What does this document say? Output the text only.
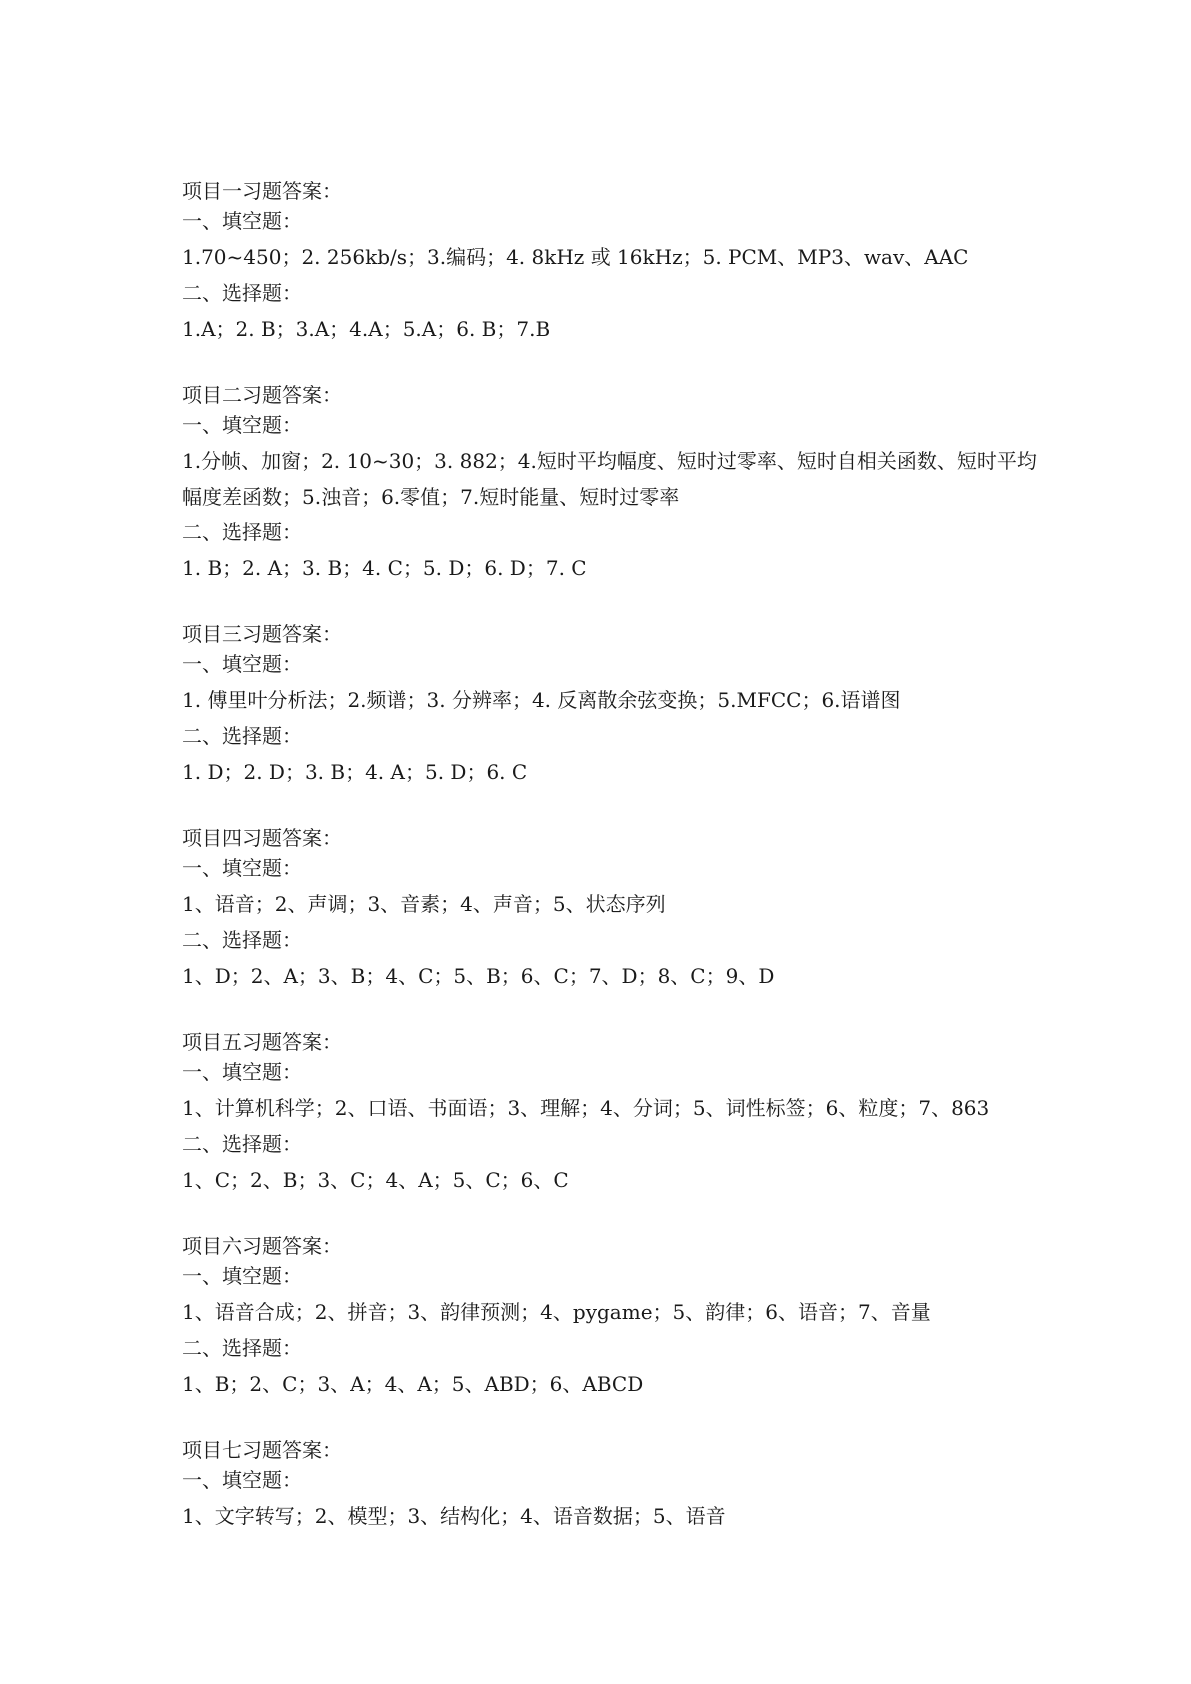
项目一习题答案：

一、填空题：

1.70~450；2. 256kb/s；3.编码；4. 8kHz 或 16kHz；5. PCM、MP3、wav、AAC

二、选择题：

1.A；2. B；3.A；4.A；5.A；6. B；7.B

项目二习题答案：

一、填空题：

1.分帧、加窗；2. 10~30；3. 882；4.短时平均幅度、短时过零率、短时自相关函数、短时平均幅度差函数；5.浊音；6.零值；7.短时能量、短时过零率

二、选择题：

1. B；2. A；3. B；4. C；5. D；6. D；7. C

项目三习题答案：

一、填空题：

1. 傅里叶分析法；2.频谱；3. 分辨率；4. 反离散余弦变换；5.MFCC；6.语谱图

二、选择题：

1. D；2. D；3. B；4. A；5. D；6. C

项目四习题答案：

一、填空题：

1、语音；2、声调；3、音素；4、声音；5、状态序列

二、选择题：

1、D；2、A；3、B；4、C；5、B；6、C；7、D；8、C；9、D

项目五习题答案：

一、填空题：

1、计算机科学；2、口语、书面语；3、理解；4、分词；5、词性标签；6、粒度；7、863

二、选择题：

1、C；2、B；3、C；4、A；5、C；6、C

项目六习题答案：

一、填空题：

1、语音合成；2、拼音；3、韵律预测；4、pygame；5、韵律；6、语音；7、音量

二、选择题：

1、B；2、C；3、A；4、A；5、ABD；6、ABCD

项目七习题答案：

一、填空题：

1、文字转写；2、模型；3、结构化；4、语音数据；5、语音
